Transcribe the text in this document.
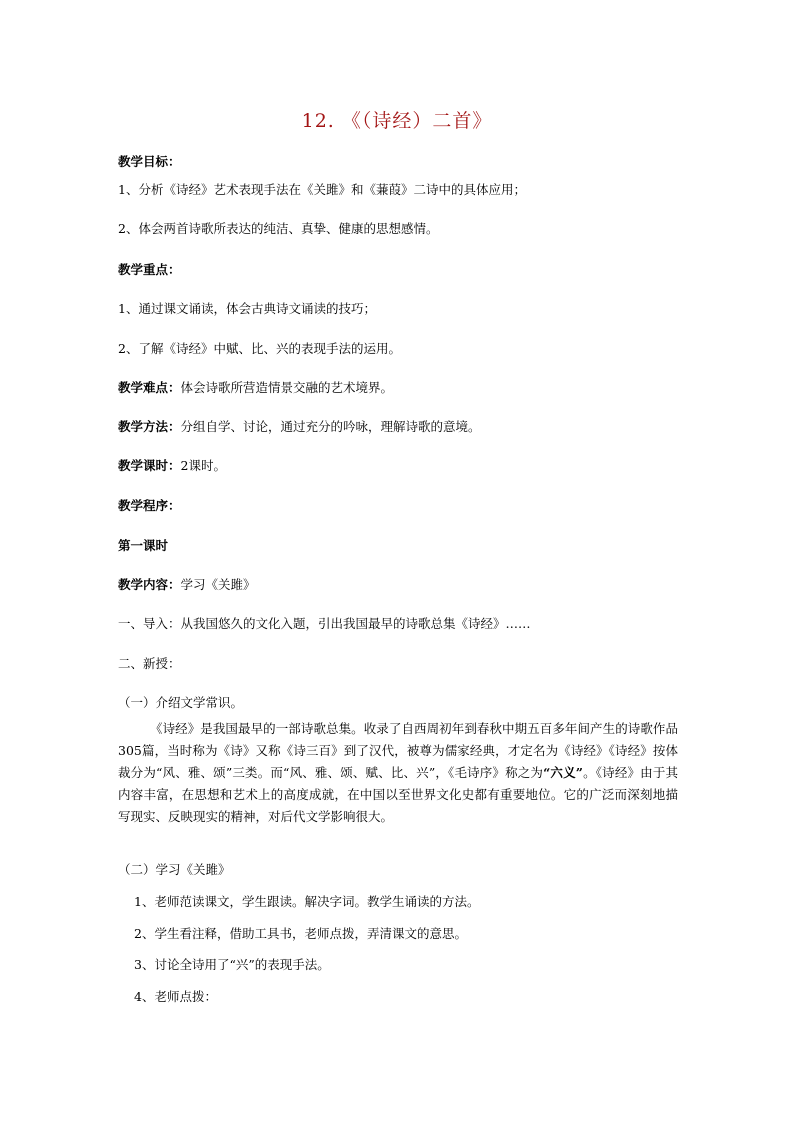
12. 《（诗经）二首》
教学目标：
1、分析《诗经》艺术表现手法在《关雎》和《蒹葭》二诗中的具体应用；
2、体会两首诗歌所表达的纯洁、真挚、健康的思想感情。
教学重点：
1、通过课文诵读，体会古典诗文诵读的技巧；
2、了解《诗经》中赋、比、兴的表现手法的运用。
教学难点：体会诗歌所营造情景交融的艺术境界。
教学方法：分组自学、讨论，通过充分的吟咏，理解诗歌的意境。
教学课时：2课时。
教学程序：
第一课时
教学内容：学习《关雎》
一、导入：从我国悠久的文化入题，引出我国最早的诗歌总集《诗经》……
二、新授：
（一）介绍文学常识。
《诗经》是我国最早的一部诗歌总集。收录了自西周初年到春秋中期五百多年间产生的诗歌作品305篇，当时称为《诗》又称《诗三百》到了汉代，被尊为儒家经典，才定名为《诗经》《诗经》按体裁分为“风、雅、颂”三类。而“风、雅、颂、赋、比、兴”，《毛诗序》称之为“六义”。《诗经》由于其内容丰富，在思想和艺术上的高度成就，在中国以至世界文化史都有重要地位。它的广泛而深刻地描写现实、反映现实的精神，对后代文学影响很大。
（二）学习《关雎》
1、老师范读课文，学生跟读。解决字词。教学生诵读的方法。
2、学生看注释，借助工具书，老师点拨，弄清课文的意思。
3、讨论全诗用了“兴”的表现手法。
4、老师点拨：
